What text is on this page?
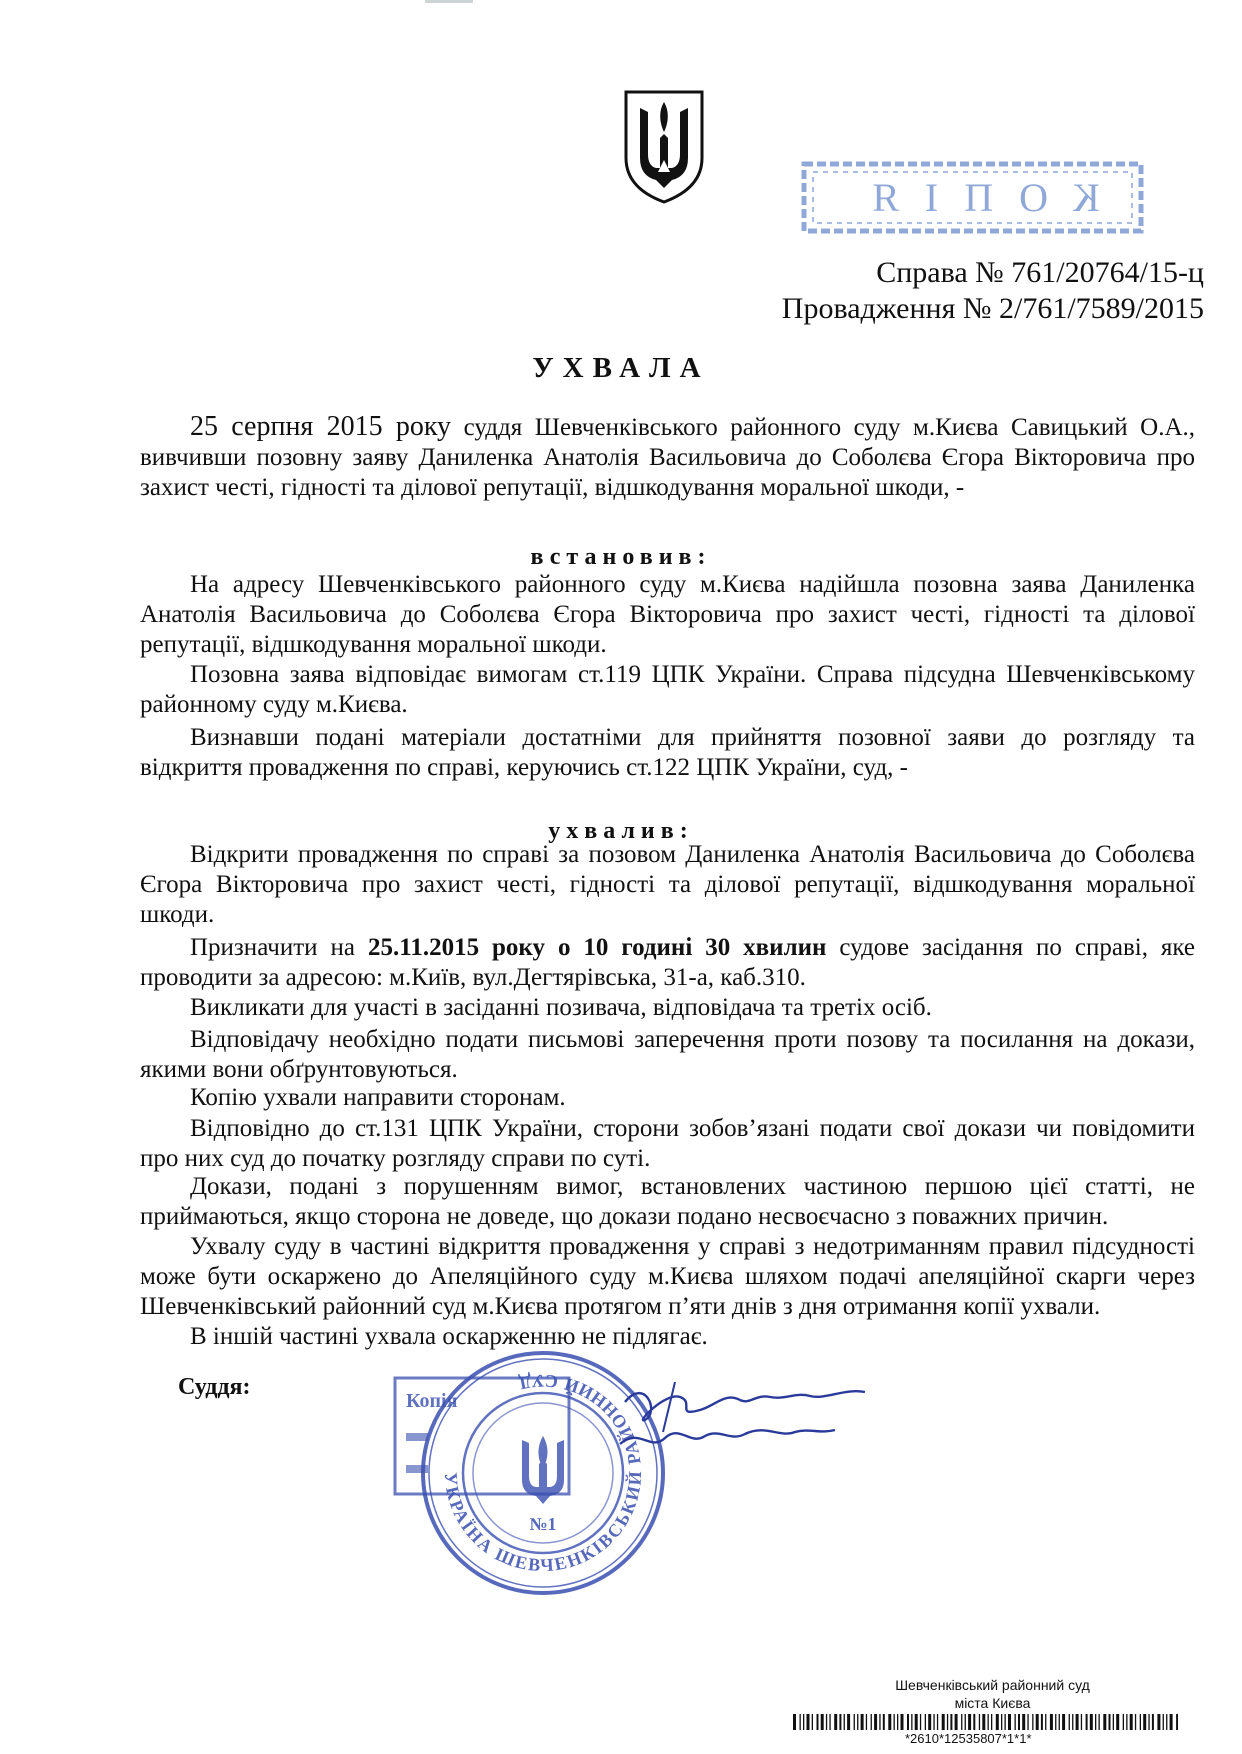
КОПІЯ
Справа № 761/20764/15-ц
Провадження № 2/761/7589/2015
УХВАЛА
25 серпня 2015 року суддя Шевченківського районного суду м.Києва Савицький О.А., вивчивши позовну заяву Даниленка Анатолія Васильовича до Соболєва Єгора Вікторовича про захист честі, гідності та ділової репутації, відшкодування моральної шкоди, -
встановив:
На адресу Шевченківського районного суду м.Києва надійшла позовна заява Даниленка Анатолія Васильовича до Соболєва Єгора Вікторовича про захист честі, гідності та ділової репутації, відшкодування моральної шкоди.
Позовна заява відповідає вимогам ст.119 ЦПК України. Справа підсудна Шевченківському районному суду м.Києва.
Визнавши подані матеріали достатніми для прийняття позовної заяви до розгляду та відкриття провадження по справі, керуючись ст.122 ЦПК України, суд, -
ухвалив:
Відкрити провадження по справі за позовом Даниленка Анатолія Васильовича до Соболєва Єгора Вікторовича про захист честі, гідності та ділової репутації, відшкодування моральної шкоди.
Призначити на 25.11.2015 року о 10 годині 30 хвилин судове засідання по справі, яке проводити за адресою: м.Київ, вул.Дегтярівська, 31-а, каб.310.
Викликати для участі в засіданні позивача, відповідача та третіх осіб.
Відповідачу необхідно подати письмові заперечення проти позову та посилання на докази, якими вони обґрунтовуються.
Копію ухвали направити сторонам.
Відповідно до ст.131 ЦПК України, сторони зобов’язані подати свої докази чи повідомити про них суд до початку розгляду справи по суті.
Докази, подані з порушенням вимог, встановлених частиною першою цієї статті, не приймаються, якщо сторона не доведе, що докази подано несвоєчасно з поважних причин.
Ухвалу суду в частині відкриття провадження у справі з недотриманням правил підсудності може бути оскаржено до Апеляційного суду м.Києва шляхом подачі апеляційної скарги через Шевченківський районний суд м.Києва протягом п’яти днів з дня отримання копії ухвали.
В іншій частині ухвала оскарженню не підлягає.
Суддя:
Копія
УКРАЇНА ШЕВЧЕНКІВСЬКИЙ РАЙОННИЙ СУД
№1
Шевченківський районний суд
міста Києва
*2610*12535807*1*1*
